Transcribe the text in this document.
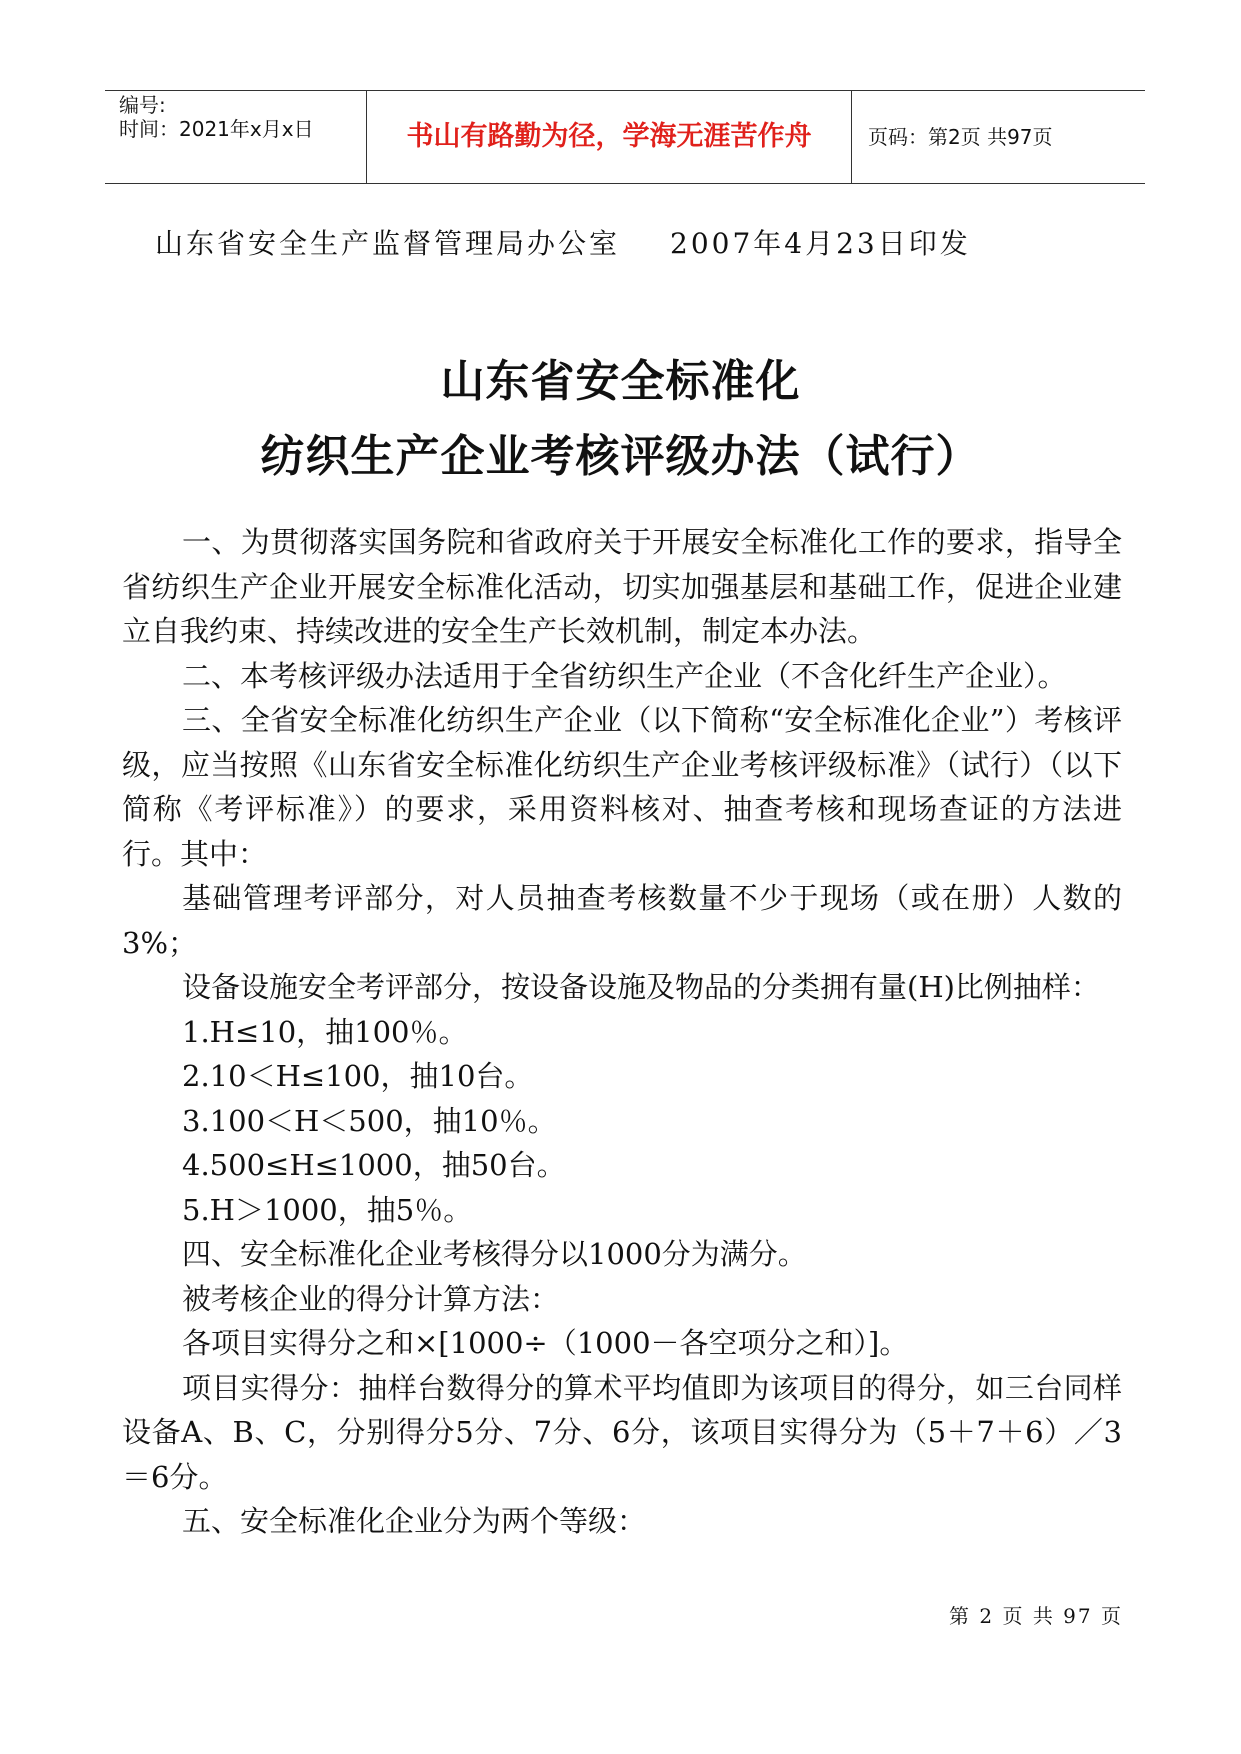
编号:
时间：2021年x月x日	书山有路勤为径，学海无涯苦作舟	页码：第2页 共97页
山东省安全生产监督管理局办公室 2007年4月23日印发
山东省安全标准化
纺织生产企业考核评级办法（试行）

一、为贯彻落实国务院和省政府关于开展安全标准化工作的要求，指导全省纺织生产企业开展安全标准化活动，切实加强基层和基础工作，促进企业建立自我约束、持续改进的安全生产长效机制，制定本办法。

二、本考核评级办法适用于全省纺织生产企业（不含化纤生产企业）。

三、全省安全标准化纺织生产企业（以下简称“安全标准化企业”）考核评级，应当按照《山东省安全标准化纺织生产企业考核评级标准》（试行）（以下简称《考评标准》）的要求，采用资料核对、抽查考核和现场查证的方法进行。其中：

基础管理考评部分，对人员抽查考核数量不少于现场（或在册）人数的3%；

设备设施安全考评部分，按设备设施及物品的分类拥有量(H)比例抽样：

1.H≤10，抽100％。

2.10＜H≤100，抽10台。

3.100＜H＜500，抽10％。

4.500≤H≤1000，抽50台。

5.H＞1000，抽5％。

四、安全标准化企业考核得分以1000分为满分。

被考核企业的得分计算方法：

各项目实得分之和×[1000÷（1000－各空项分之和）]。

项目实得分：抽样台数得分的算术平均值即为该项目的得分，如三台同样设备A、B、C，分别得分5分、7分、6分，该项目实得分为（5＋7＋6）／3＝6分。

五、安全标准化企业分为两个等级：

第 2 页 共 97 页
